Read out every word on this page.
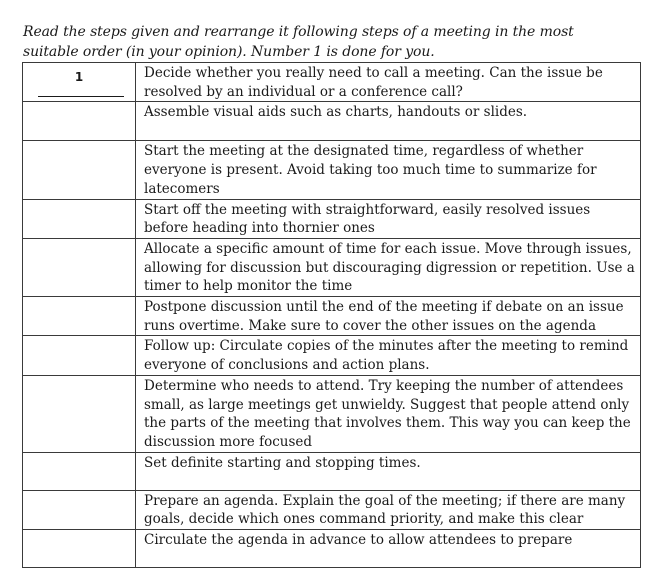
Read the steps given and rearrange it following steps of a meeting in the most suitable order (in your opinion). Number 1 is done for you.

1	Decide whether you really need to call a meeting. Can the issue be resolved by an individual or a conference call?
	Assemble visual aids such as charts, handouts or slides.
	Start the meeting at the designated time, regardless of whether everyone is present. Avoid taking too much time to summarize for latecomers
	Start off the meeting with straightforward, easily resolved issues before heading into thornier ones
	Allocate a specific amount of time for each issue. Move through issues, allowing for discussion but discouraging digression or repetition. Use a timer to help monitor the time
	Postpone discussion until the end of the meeting if debate on an issue runs overtime. Make sure to cover the other issues on the agenda
	Follow up: Circulate copies of the minutes after the meeting to remind everyone of conclusions and action plans.
	Determine who needs to attend. Try keeping the number of attendees small, as large meetings get unwieldy. Suggest that people attend only the parts of the meeting that involves them. This way you can keep the discussion more focused
	Set definite starting and stopping times.
	Prepare an agenda. Explain the goal of the meeting; if there are many goals, decide which ones command priority, and make this clear
	Circulate the agenda in advance to allow attendees to prepare
